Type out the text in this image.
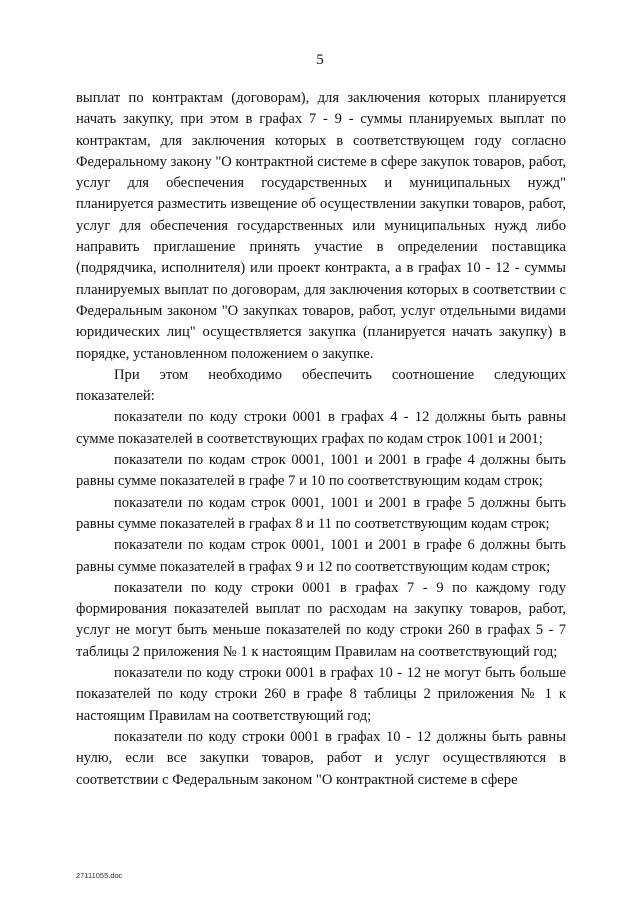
5

выплат по контрактам (договорам), для заключения которых планируется начать закупку, при этом в графах 7 - 9 - суммы планируемых выплат по контрактам, для заключения которых в соответствующем году согласно Федеральному закону "О контрактной системе в сфере закупок товаров, работ, услуг для обеспечения государственных и муниципальных нужд" планируется разместить извещение об осуществлении закупки товаров, работ, услуг для обеспечения государственных или муниципальных нужд либо направить приглашение принять участие в определении поставщика (подрядчика, исполнителя) или проект контракта, а в графах 10 - 12 - суммы планируемых выплат по договорам, для заключения которых в соответствии с Федеральным законом "О закупках товаров, работ, услуг отдельными видами юридических лиц" осуществляется закупка (планируется начать закупку) в порядке, установленном положением о закупке.

При этом необходимо обеспечить соотношение следующих показателей:

показатели по коду строки 0001 в графах 4 - 12 должны быть равны сумме показателей в соответствующих графах по кодам строк 1001 и 2001;

показатели по кодам строк 0001, 1001 и 2001 в графе 4 должны быть равны сумме показателей в графе 7 и 10 по соответствующим кодам строк;

показатели по кодам строк 0001, 1001 и 2001 в графе 5 должны быть равны сумме показателей в графах 8 и 11 по соответствующим кодам строк;

показатели по кодам строк 0001, 1001 и 2001 в графе 6 должны быть равны сумме показателей в графах 9 и 12 по соответствующим кодам строк;

показатели по коду строки 0001 в графах 7 - 9 по каждому году формирования показателей выплат по расходам на закупку товаров, работ, услуг не могут быть меньше показателей по коду строки 260 в графах 5 - 7 таблицы 2 приложения № 1 к настоящим Правилам на соответствующий год;

показатели по коду строки 0001 в графах 10 - 12 не могут быть больше показателей по коду строки 260 в графе 8 таблицы 2 приложения № 1 к настоящим Правилам на соответствующий год;

показатели по коду строки 0001 в графах 10 - 12 должны быть равны нулю, если все закупки товаров, работ и услуг осуществляются в соответствии с Федеральным законом "О контрактной системе в сфере

27111055.doc
